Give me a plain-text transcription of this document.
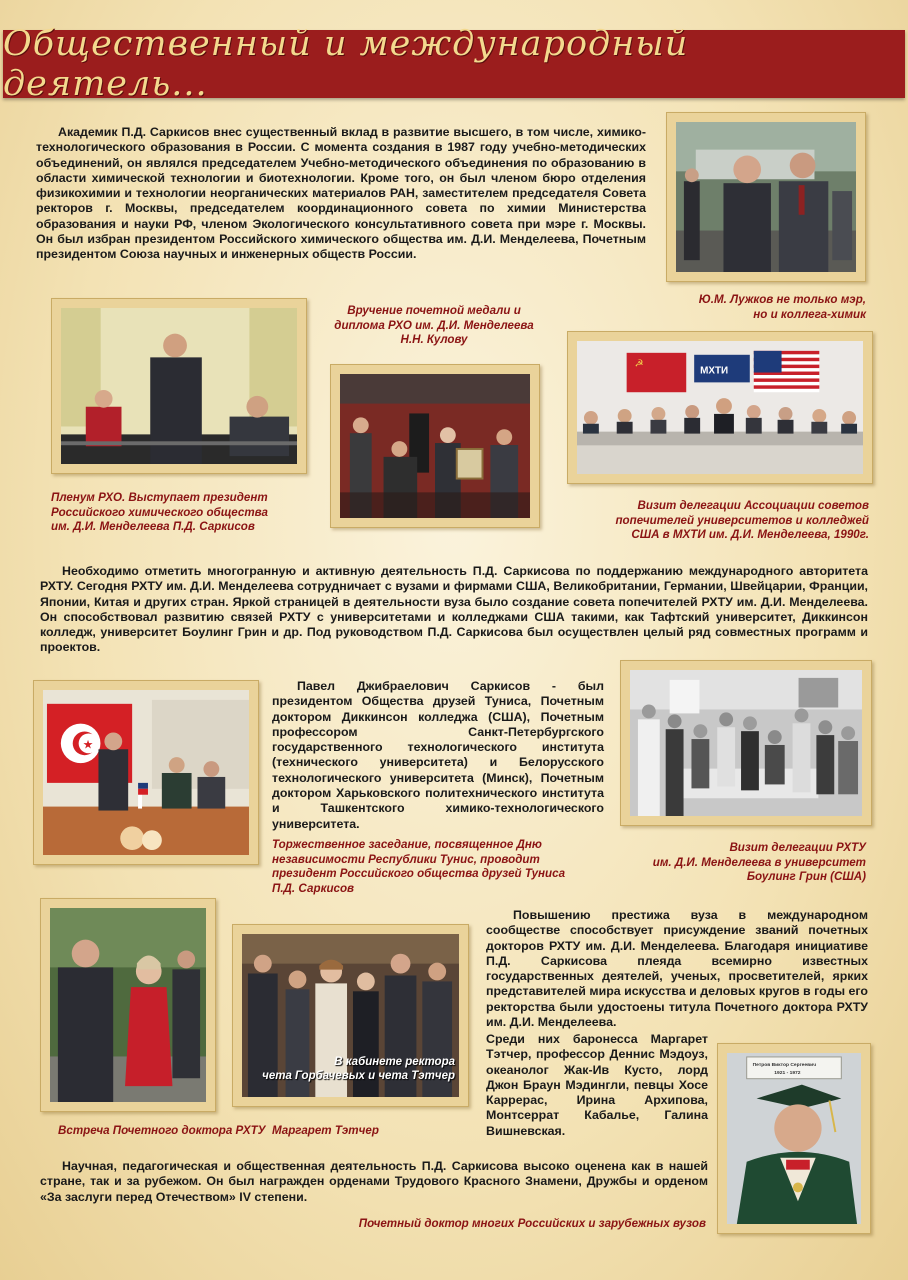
Общественный и международный деятель...
Академик П.Д. Саркисов внес существенный вклад в развитие высшего, в том числе, химико-технологического образования в России. С момента создания в 1987 году учебно-методических объединений, он являлся председателем Учебно-методического объединения по образованию в области химической технологии и биотехнологии. Кроме того, он был членом бюро отделения физикохимии и технологии неорганических материалов РАН, заместителем председателя Совета ректоров г. Москвы, председателем координационного совета по химии Министерства образования и науки РФ, членом Экологического консультативного совета при мэре г. Москвы. Он был избран президентом Российского химического общества им. Д.И. Менделеева, Почетным президентом Союза научных и инженерных обществ России.
Ю.М. Лужков не только мэр,
но и коллега-химик
Вручение почетной медали и
диплома РХО им. Д.И. Менделеева
Н.Н. Кулову
☭
МХТИ
Пленум РХО. Выступает президент
Российского химического общества
им. Д.И. Менделеева П.Д. Саркисов
Визит делегации Ассоциации советов
попечителей университетов и колледжей
США в МХТИ им. Д.И. Менделеева, 1990г.
Необходимо отметить многогранную и активную деятельность П.Д. Саркисова по поддержанию международного авторитета РХТУ. Сегодня РХТУ им. Д.И. Менделеева сотрудничает с вузами и фирмами США, Великобритании, Германии, Швейцарии, Франции, Японии, Китая и других стран. Яркой страницей в деятельности вуза было создание совета попечителей РХТУ им. Д.И. Менделеева. Он способствовал развитию связей РХТУ с университетами и колледжами США такими, как Тафтский университет, Диккинсон колледж, университет Боулинг Грин и др. Под руководством П.Д. Саркисова был осуществлен целый ряд совместных программ и проектов.
★
Павел Джибраелович Саркисов - был президентом Общества друзей Туниса, Почетным доктором Диккинсон колледжа (США), Почетным профессором Санкт-Петербургского государственного технологического института (технического университета) и Белорусского технологического университета (Минск), Почетным доктором Харьковского политехнического института и Ташкентского химико-технологического университета.
Торжественное заседание, посвященное Дню
независимости Республики Тунис, проводит
президент Российского общества друзей Туниса
П.Д. Саркисов
Визит делегации РХТУ
им. Д.И. Менделеева в университет
Боулинг Грин (США)
В кабинете ректора
чета Горбачевых и чета Тэтчер
Повышению престижа вуза в международном сообществе способствует присуждение званий почетных докторов РХТУ им. Д.И. Менделеева. Благодаря инициативе П.Д. Саркисова плеяда всемирно известных государственных деятелей, ученых, просветителей, ярких представителей мира искусства и деловых кругов в годы его ректорства были удостоены титула Почетного доктора РХТУ им. Д.И. Менделеева.
Среди них баронесса Маргарет Тэтчер, профессор Деннис Мэдоуз, океанолог Жак-Ив Кусто, лорд Джон Браун Мэдингли, певцы Хосе Каррерас, Ирина Архипова, Монтсеррат Кабалье, Галина Вишневская.
Петров Виктор Сергеевич
1921 - 1972
Встреча Почетного доктора РХТУ  Маргарет Тэтчер
Научная, педагогическая и общественная деятельность П.Д. Саркисова высоко оценена как в нашей стране, так и за рубежом. Он был награжден орденами Трудового Красного Знамени, Дружбы и орденом «За заслуги перед Отечеством» IV степени.
Почетный доктор многих Российских и зарубежных вузов
